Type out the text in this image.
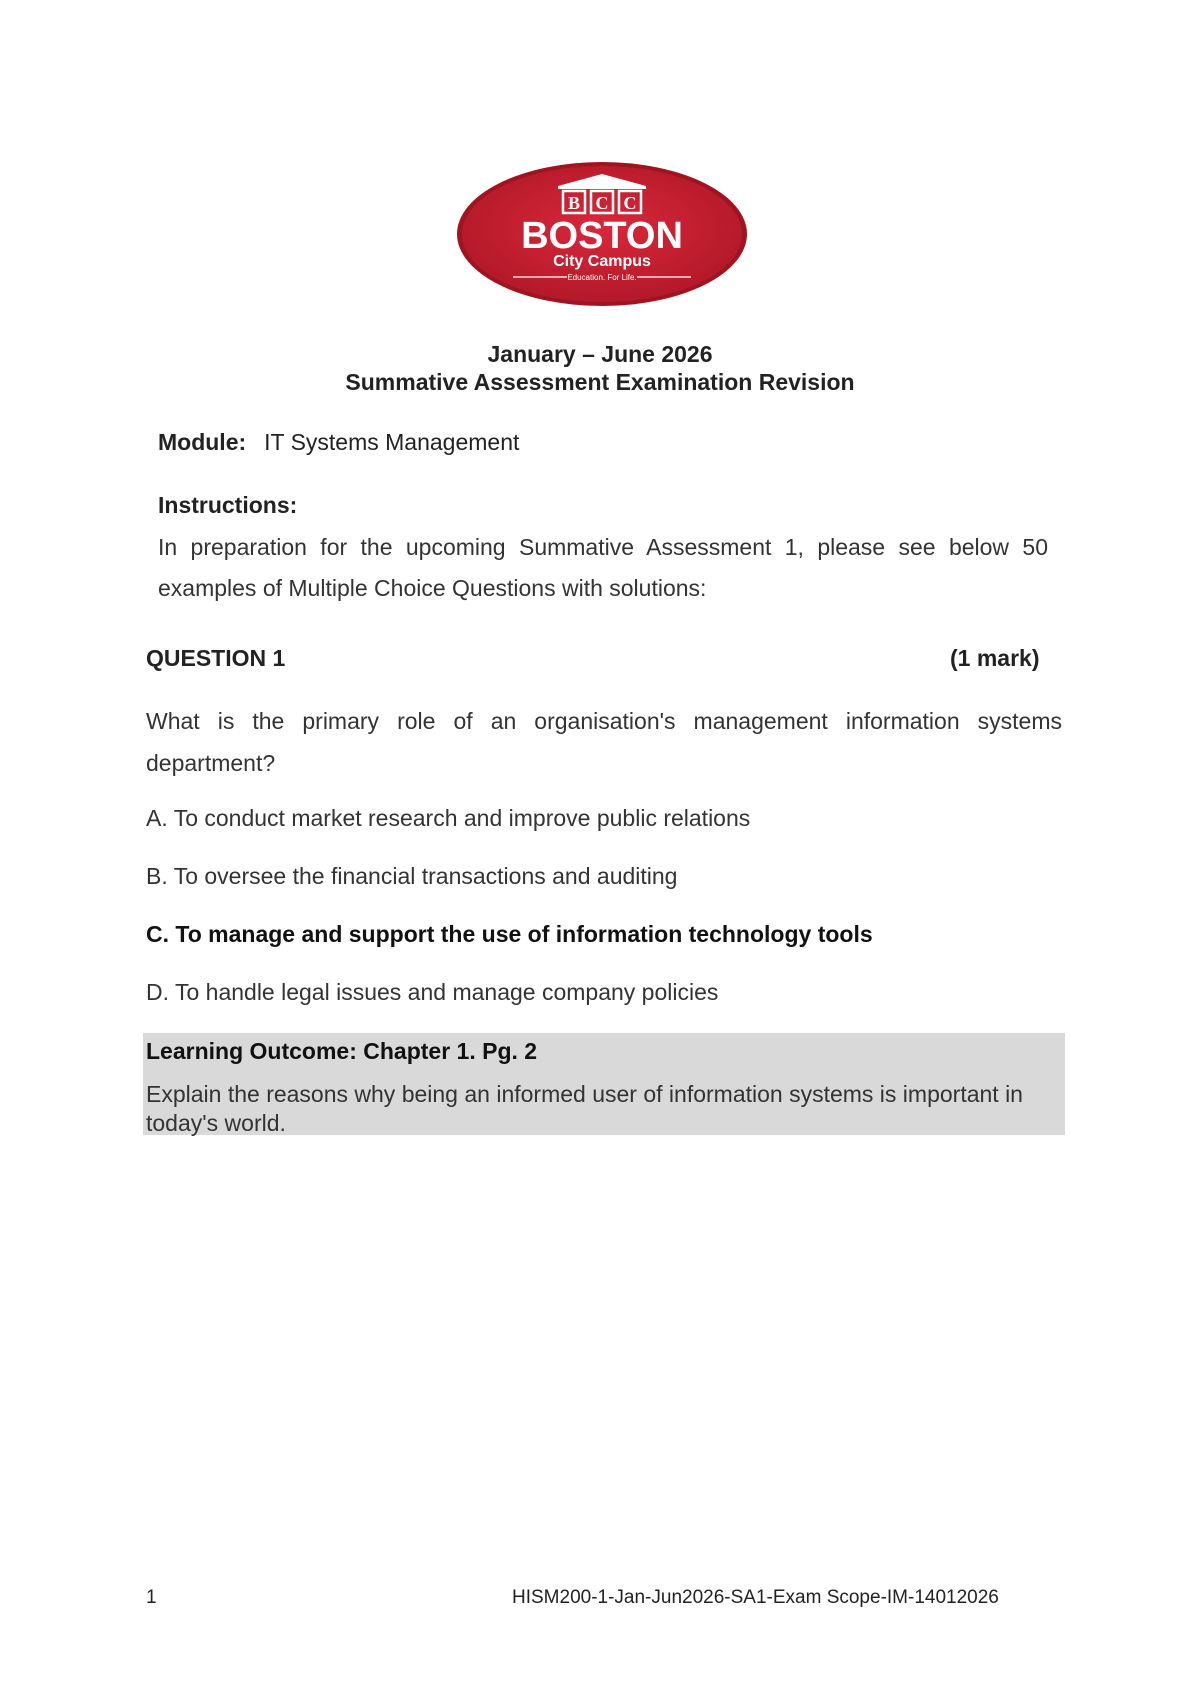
B C C
BOSTON
City Campus
Education. For Life.
January – June 2026
Summative Assessment Examination Revision
Module: IT Systems Management
Instructions:
In preparation for the upcoming Summative Assessment 1, please see below 50 examples of Multiple Choice Questions with solutions:
QUESTION 1	(1 mark)
What is the primary role of an organisation's management information systems department?
A. To conduct market research and improve public relations
B. To oversee the financial transactions and auditing
C. To manage and support the use of information technology tools
D. To handle legal issues and manage company policies
Learning Outcome: Chapter 1. Pg. 2
Explain the reasons why being an informed user of information systems is important in today's world.
1	HISM200-1-Jan-Jun2026-SA1-Exam Scope-IM-14012026
